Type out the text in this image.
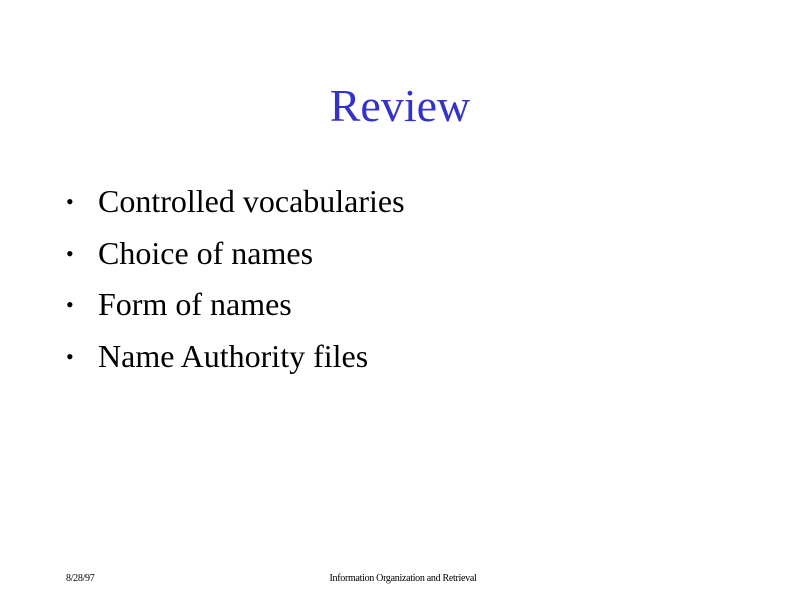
Review
• Controlled vocabularies
• Choice of names
• Form of names
• Name Authority files
8/28/97	Information Organization and Retrieval
